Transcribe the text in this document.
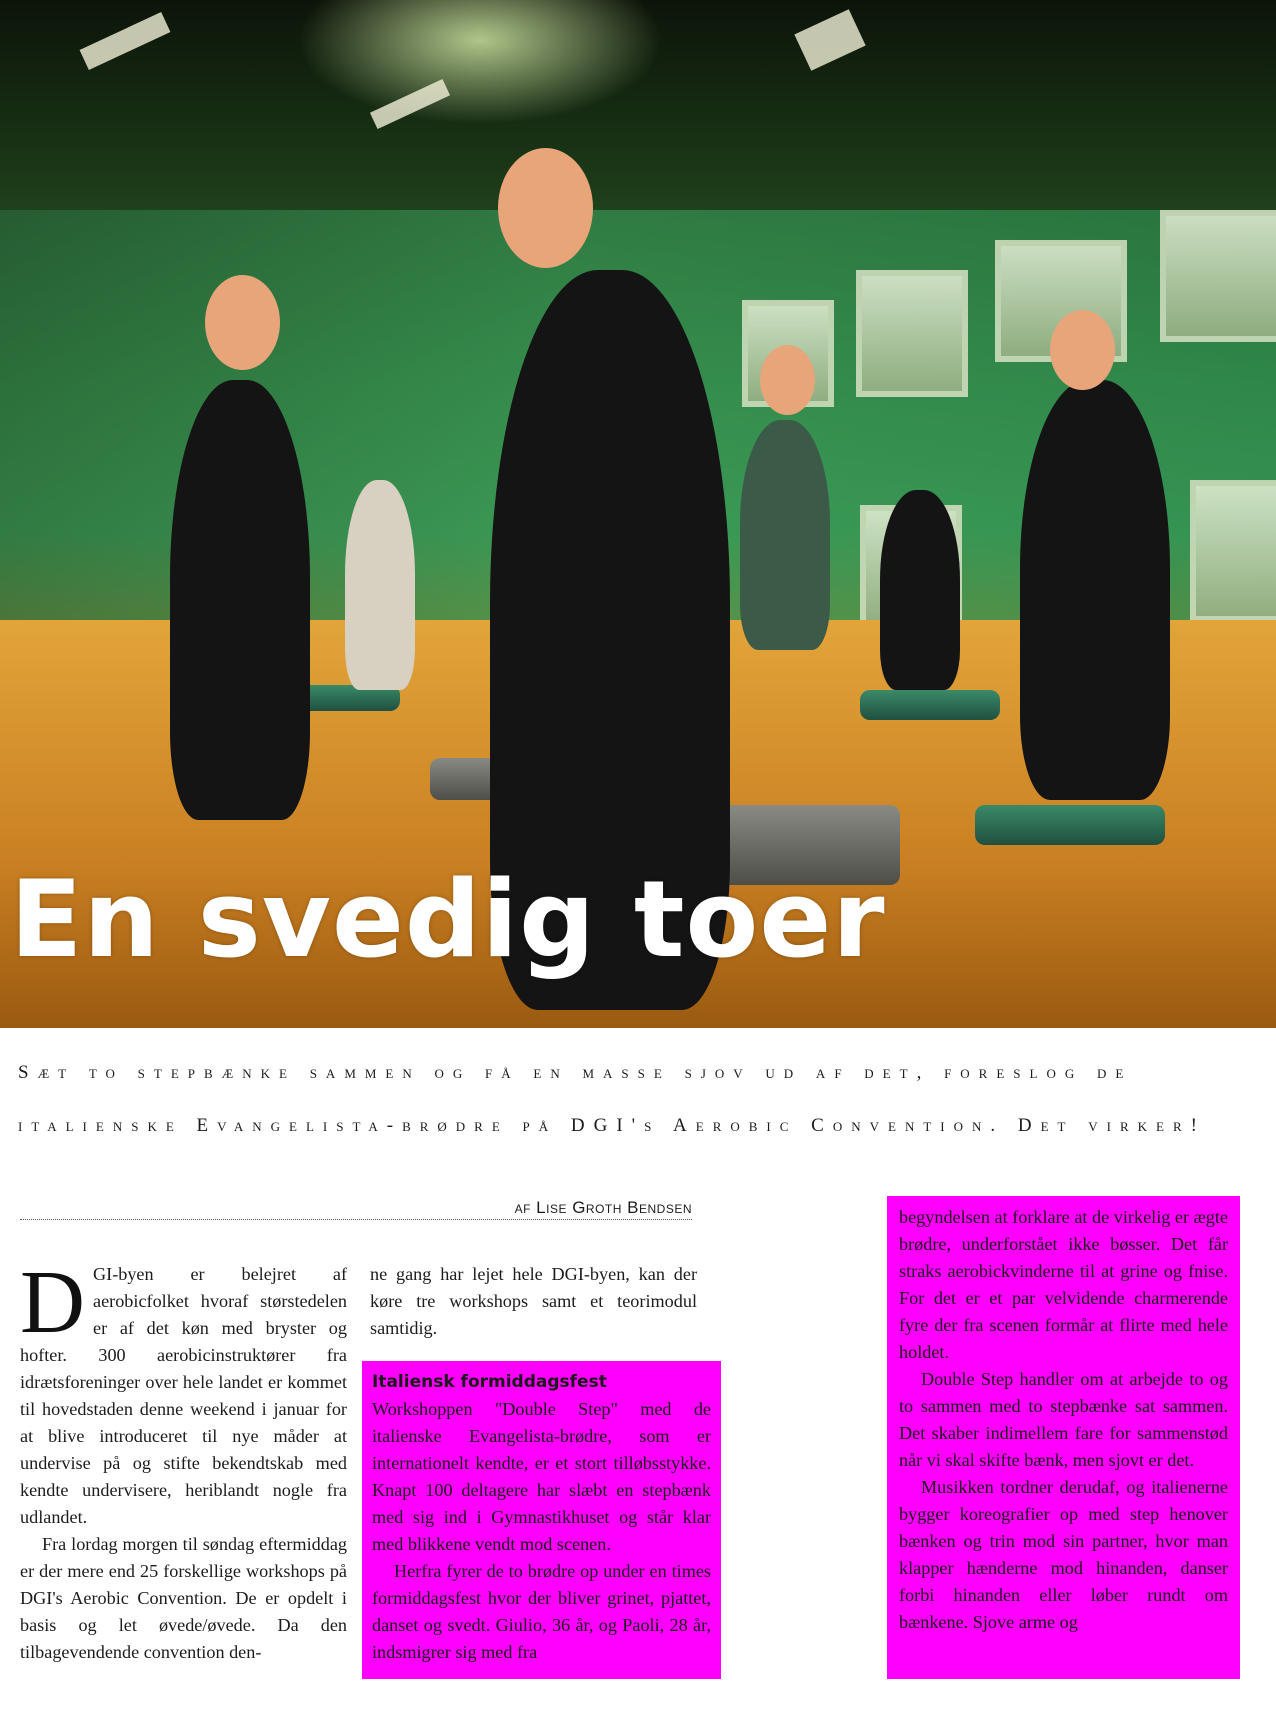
En svedig toer

Sæt to stepbænke sammen og få en masse sjov ud af det, foreslog de

italienske Evangelista-brødre på DGI's Aerobic Convention. Det virker!

af Lise Groth Bendsen

DGI-byen er belejret af aerobicfolket hvoraf størstedelen er af det køn med bryster og hofter. 300 aerobicinstruktører fra idrætsforeninger over hele landet er kommet til hovedstaden denne weekend i januar for at blive introduceret til nye måder at undervise på og stifte bekendtskab med kendte undervisere, heriblandt nogle fra udlandet.

Fra lordag morgen til søndag eftermiddag er der mere end 25 forskellige workshops på DGI's Aerobic Convention. De er opdelt i basis og let øvede/øvede. Da den tilbagevendende convention den-

ne gang har lejet hele DGI-byen, kan der køre tre workshops samt et teorimodul samtidig.

Italiensk formiddagsfest

Workshoppen "Double Step" med de italienske Evangelista-brødre, som er internationelt kendte, er et stort tilløbsstykke. Knapt 100 deltagere har slæbt en stepbænk med sig ind i Gymnastikhuset og står klar med blikkene vendt mod scenen.

Herfra fyrer de to brødre op under en times formiddagsfest hvor der bliver grinet, pjattet, danset og svedt. Giulio, 36 år, og Paoli, 28 år, indsmigrer sig med fra

begyndelsen at forklare at de virkelig er ægte brødre, underforstået ikke bøsser. Det får straks aerobickvinderne til at grine og fnise. For det er et par velvidende charmerende fyre der fra scenen formår at flirte med hele holdet.

Double Step handler om at arbejde to og to sammen med to stepbænke sat sammen. Det skaber indimellem fare for sammenstød når vi skal skifte bænk, men sjovt er det.

Musikken tordner derudaf, og italienerne bygger koreografier op med step henover bænken og trin mod sin partner, hvor man klapper hænderne mod hinanden, danser forbi hinanden eller løber rundt om bænkene. Sjove arme og
